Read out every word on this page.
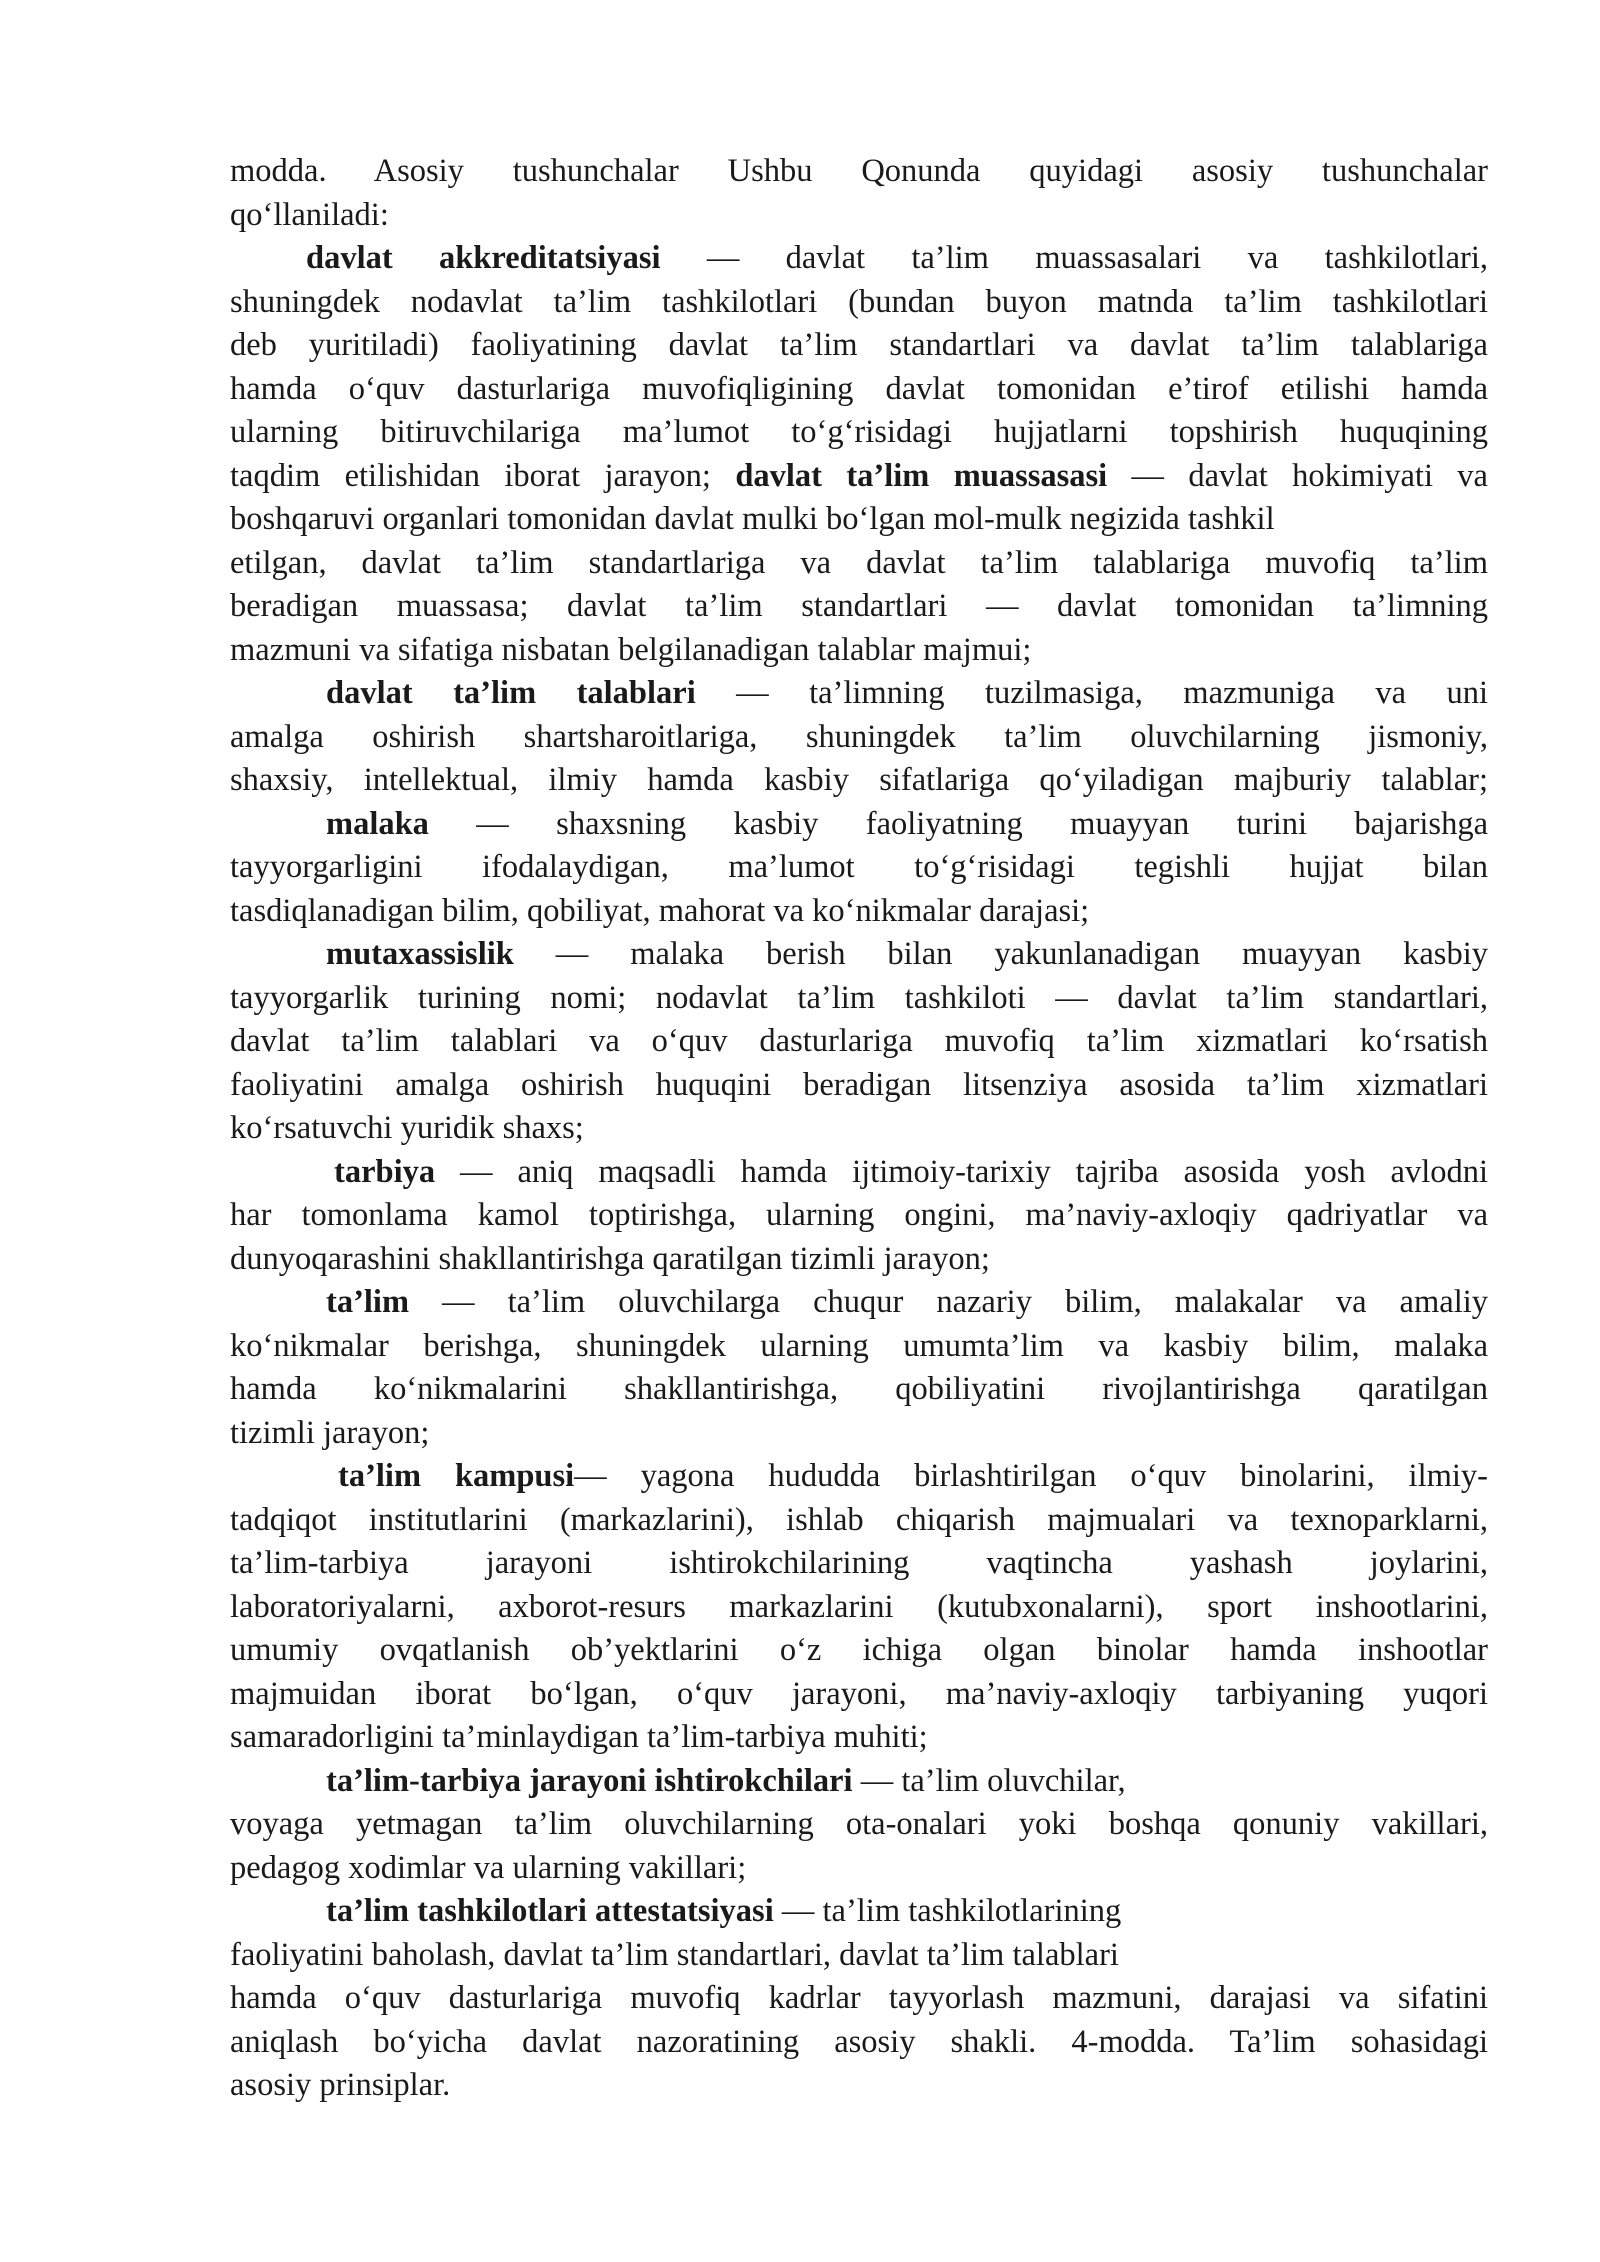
modda. Asosiy tushunchalar Ushbu Qonunda quyidagi asosiy tushunchalar
qo‘llaniladi:
davlat akkreditatsiyasi — davlat ta’lim muassasalari va tashkilotlari,
shuningdek nodavlat ta’lim tashkilotlari (bundan buyon matnda ta’lim tashkilotlari
deb yuritiladi) faoliyatining davlat ta’lim standartlari va davlat ta’lim talablariga
hamda o‘quv dasturlariga muvofiqligining davlat tomonidan e’tirof etilishi hamda
ularning bitiruvchilariga ma’lumot to‘g‘risidagi hujjatlarni topshirish huquqining
taqdim etilishidan iborat jarayon; davlat ta’lim muassasasi — davlat hokimiyati va
boshqaruvi organlari tomonidan davlat mulki bo‘lgan mol-mulk negizida tashkil
etilgan, davlat ta’lim standartlariga va davlat ta’lim talablariga muvofiq ta’lim
beradigan muassasa; davlat ta’lim standartlari — davlat tomonidan ta’limning
mazmuni va sifatiga nisbatan belgilanadigan talablar majmui;
davlat ta’lim talablari — ta’limning tuzilmasiga, mazmuniga va uni
amalga oshirish shartsharoitlariga, shuningdek ta’lim oluvchilarning jismoniy,
shaxsiy, intellektual, ilmiy hamda kasbiy sifatlariga qo‘yiladigan majburiy talablar;
malaka — shaxsning kasbiy faoliyatning muayyan turini bajarishga
tayyorgarligini ifodalaydigan, ma’lumot to‘g‘risidagi tegishli hujjat bilan
tasdiqlanadigan bilim, qobiliyat, mahorat va ko‘nikmalar darajasi;
mutaxassislik — malaka berish bilan yakunlanadigan muayyan kasbiy
tayyorgarlik turining nomi; nodavlat ta’lim tashkiloti — davlat ta’lim standartlari,
davlat ta’lim talablari va o‘quv dasturlariga muvofiq ta’lim xizmatlari ko‘rsatish
faoliyatini amalga oshirish huquqini beradigan litsenziya asosida ta’lim xizmatlari
ko‘rsatuvchi yuridik shaxs;
tarbiya — aniq maqsadli hamda ijtimoiy-tarixiy tajriba asosida yosh avlodni
har tomonlama kamol toptirishga, ularning ongini, ma’naviy-axloqiy qadriyatlar va
dunyoqarashini shakllantirishga qaratilgan tizimli jarayon;
ta’lim — ta’lim oluvchilarga chuqur nazariy bilim, malakalar va amaliy
ko‘nikmalar berishga, shuningdek ularning umumta’lim va kasbiy bilim, malaka
hamda ko‘nikmalarini shakllantirishga, qobiliyatini rivojlantirishga qaratilgan
tizimli jarayon;
ta’lim kampusi— yagona hududda birlashtirilgan o‘quv binolarini, ilmiy-
tadqiqot institutlarini (markazlarini), ishlab chiqarish majmualari va texnoparklarni,
ta’lim-tarbiya jarayoni ishtirokchilarining vaqtincha yashash joylarini,
laboratoriyalarni, axborot-resurs markazlarini (kutubxonalarni), sport inshootlarini,
umumiy ovqatlanish ob’yektlarini o‘z ichiga olgan binolar hamda inshootlar
majmuidan iborat bo‘lgan, o‘quv jarayoni, ma’naviy-axloqiy tarbiyaning yuqori
samaradorligini ta’minlaydigan ta’lim-tarbiya muhiti;
ta’lim-tarbiya jarayoni ishtirokchilari — ta’lim oluvchilar,
voyaga yetmagan ta’lim oluvchilarning ota-onalari yoki boshqa qonuniy vakillari,
pedagog xodimlar va ularning vakillari;
ta’lim tashkilotlari attestatsiyasi — ta’lim tashkilotlarining
faoliyatini baholash, davlat ta’lim standartlari, davlat ta’lim talablari
hamda o‘quv dasturlariga muvofiq kadrlar tayyorlash mazmuni, darajasi va sifatini
aniqlash bo‘yicha davlat nazoratining asosiy shakli. 4-modda. Ta’lim sohasidagi
asosiy prinsiplar.
